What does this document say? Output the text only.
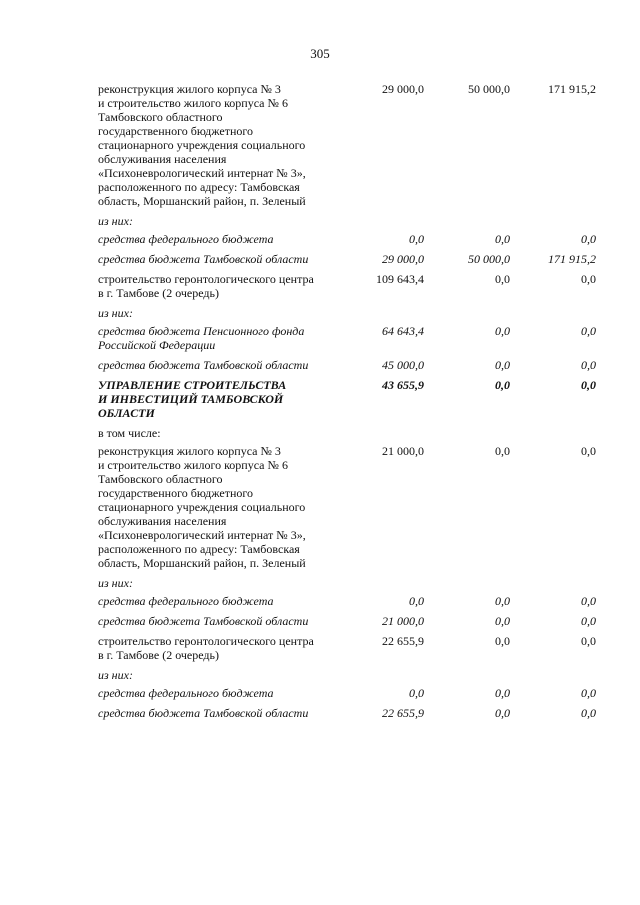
305
реконструкция жилого корпуса № 3
и строительство жилого корпуса № 6
Тамбовского областного
государственного бюджетного
стационарного учреждения социального
обслуживания населения
«Психоневрологический интернат № 3»,
расположенного по адресу: Тамбовская
область, Моршанский район, п. Зеленый
29 000,0	50 000,0	171 915,2
из них:
средства федерального бюджета	0,0	0,0	0,0
средства бюджета Тамбовской области	29 000,0	50 000,0	171 915,2
строительство геронтологического центра
в г. Тамбове (2 очередь)
109 643,4	0,0	0,0
из них:
средства бюджета Пенсионного фонда
Российской Федерации
64 643,4	0,0	0,0
средства бюджета Тамбовской области	45 000,0	0,0	0,0
УПРАВЛЕНИЕ СТРОИТЕЛЬСТВА
И ИНВЕСТИЦИЙ ТАМБОВСКОЙ
ОБЛАСТИ
43 655,9	0,0	0,0
в том числе:
реконструкция жилого корпуса № 3
и строительство жилого корпуса № 6
Тамбовского областного
государственного бюджетного
стационарного учреждения социального
обслуживания населения
«Психоневрологический интернат № 3»,
расположенного по адресу: Тамбовская
область, Моршанский район, п. Зеленый
21 000,0	0,0	0,0
из них:
средства федерального бюджета	0,0	0,0	0,0
средства бюджета Тамбовской области	21 000,0	0,0	0,0
строительство геронтологического центра
в г. Тамбове (2 очередь)
22 655,9	0,0	0,0
из них:
средства федерального бюджета	0,0	0,0	0,0
средства бюджета Тамбовской области	22 655,9	0,0	0,0
